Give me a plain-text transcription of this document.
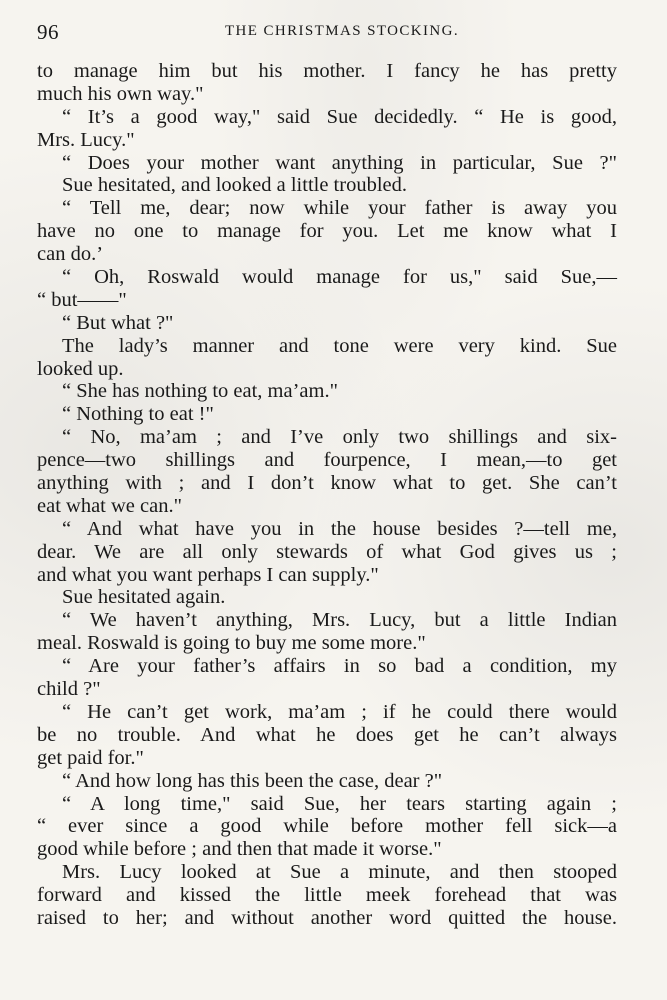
96	THE CHRISTMAS STOCKING.
to manage him but his mother. I fancy he has pretty
much his own way."
“ It’s a good way," said Sue decidedly. “ He is good,
Mrs. Lucy."
“ Does your mother want anything in particular, Sue ?"
Sue hesitated, and looked a little troubled.
“ Tell me, dear; now while your father is away you
have no one to manage for you. Let me know what I
can do.’
“ Oh, Roswald would manage for us," said Sue,—
“ but——"
“ But what ?"
The lady’s manner and tone were very kind. Sue
looked up.
“ She has nothing to eat, ma’am."
“ Nothing to eat !"
“ No, ma’am ; and I’ve only two shillings and six-
pence—two shillings and fourpence, I mean,—to get
anything with ; and I don’t know what to get. She can’t
eat what we can."
“ And what have you in the house besides ?—tell me,
dear. We are all only stewards of what God gives us ;
and what you want perhaps I can supply."
Sue hesitated again.
“ We haven’t anything, Mrs. Lucy, but a little Indian
meal. Roswald is going to buy me some more."
“ Are your father’s affairs in so bad a condition, my
child ?"
“ He can’t get work, ma’am ; if he could there would
be no trouble. And what he does get he can’t always
get paid for."
“ And how long has this been the case, dear ?"
“ A long time," said Sue, her tears starting again ;
“ ever since a good while before mother fell sick—a
good while before ; and then that made it worse."
Mrs. Lucy looked at Sue a minute, and then stooped
forward and kissed the little meek forehead that was
raised to her; and without another word quitted the house.
